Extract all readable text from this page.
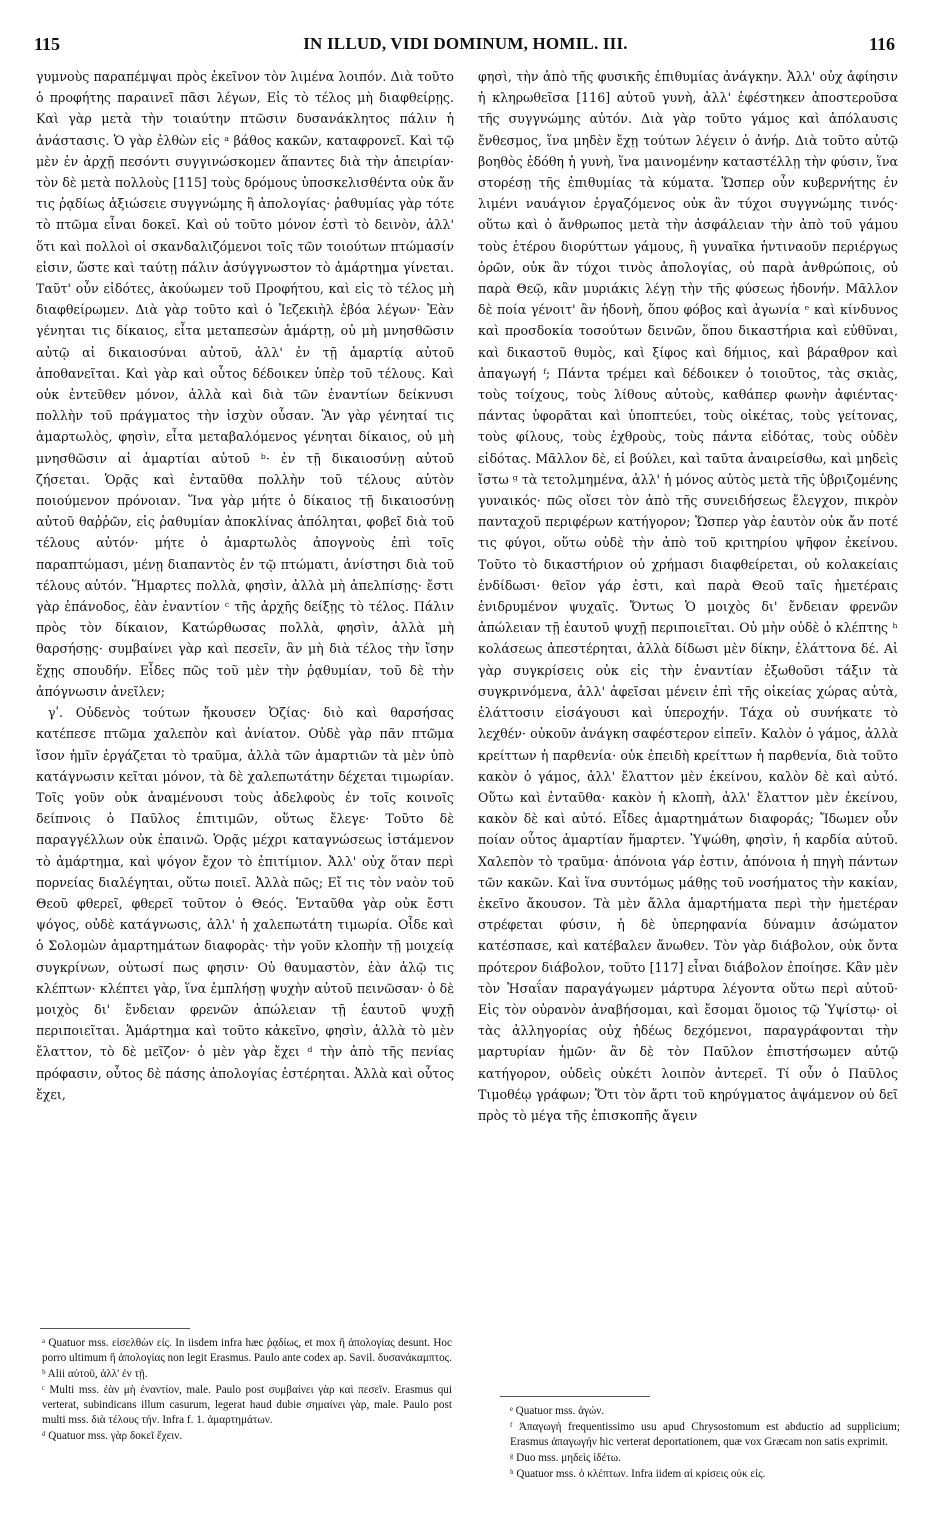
115	IN ILLUD, VIDI DOMINUM, HOMIL. III.	116

γυμνοὺς παραπέμψαι πρὸς ἐκεῖνον τὸν λιμένα λοιπόν. Διὰ τοῦτο ὁ προφήτης παραινεῖ πᾶσι λέγων, Εἰς τὸ τέλος μὴ διαφθείρῃς. Καὶ γὰρ μετὰ τὴν τοιαύτην πτῶσιν δυσανάκλητος πάλιν ἡ ἀνάστασις. Ὁ γὰρ ἐλθὼν εἰς ᵃ βάθος κακῶν, καταφρονεῖ. Καὶ τῷ μὲν ἐν ἀρχῇ πεσόντι συγγινώσκομεν ἅπαντες διὰ τὴν ἀπειρίαν· τὸν δὲ μετὰ πολλοὺς [115] τοὺς δρόμους ὑποσκελισθέντα οὐκ ἄν τις ῥᾳδίως ἀξιώσειε συγγνώμης ἢ ἀπολογίας· ῥαθυμίας γὰρ τότε τὸ πτῶμα εἶναι δοκεῖ. Καὶ οὐ τοῦτο μόνον ἐστὶ τὸ δεινὸν, ἀλλ' ὅτι καὶ πολλοὶ οἱ σκανδαλιζόμενοι τοῖς τῶν τοιούτων πτώμασίν εἰσιν, ὥστε καὶ ταύτῃ πάλιν ἀσύγγνωστον τὸ ἁμάρτημα γίνεται. Ταῦτ' οὖν εἰδότες, ἀκούωμεν τοῦ Προφήτου, καὶ εἰς τὸ τέλος μὴ διαφθείρωμεν. Διὰ γὰρ τοῦτο καὶ ὁ Ἰεζεκιὴλ ἐβόα λέγων· Ἐὰν γένηται τις δίκαιος, εἶτα μεταπεσὼν ἁμάρτῃ, οὐ μὴ μνησθῶσιν αὐτῷ αἱ δικαιοσύναι αὐτοῦ, ἀλλ' ἐν τῇ ἁμαρτίᾳ αὐτοῦ ἀποθανεῖται. Καὶ γὰρ καὶ οὗτος δέδοικεν ὑπὲρ τοῦ τέλους. Καὶ οὐκ ἐντεῦθεν μόνον, ἀλλὰ καὶ διὰ τῶν ἐναντίων δείκνυσι πολλὴν τοῦ πράγματος τὴν ἰσχὺν οὖσαν. Ἂν γὰρ γένηταί τις ἁμαρτωλὸς, φησὶν, εἶτα μεταβαλόμενος γένηται δίκαιος, οὐ μὴ μνησθῶσιν αἱ ἁμαρτίαι αὐτοῦ ᵇ· ἐν τῇ δικαιοσύνῃ αὐτοῦ ζήσεται. Ὁρᾷς καὶ ἐνταῦθα πολλὴν τοῦ τέλους αὐτὸν ποιούμενον πρόνοιαν. Ἵνα γὰρ μήτε ὁ δίκαιος τῇ δικαιοσύνῃ αὐτοῦ θαῤῥῶν, εἰς ῥαθυμίαν ἀποκλίνας ἀπόληται, φοβεῖ διὰ τοῦ τέλους αὐτόν· μήτε ὁ ἁμαρτωλὸς ἀπογνοὺς ἐπὶ τοῖς παραπτώμασι, μένῃ διαπαντὸς ἐν τῷ πτώματι, ἀνίστησι διὰ τοῦ τέλους αὐτόν. Ἥμαρτες πολλὰ, φησὶν, ἀλλὰ μὴ ἀπελπίσῃς· ἔστι γὰρ ἐπάνοδος, ἐὰν ἐναντίον ᶜ τῆς ἀρχῆς δείξῃς τὸ τέλος. Πάλιν πρὸς τὸν δίκαιον, Κατώρθωσας πολλὰ, φησὶν, ἀλλὰ μὴ θαρσήσῃς· συμβαίνει γὰρ καὶ πεσεῖν, ἂν μὴ διὰ τέλος τὴν ἴσην ἔχῃς σπουδήν. Εἶδες πῶς τοῦ μὲν τὴν ῥᾳθυμίαν, τοῦ δὲ τὴν ἀπόγνωσιν ἀνεῖλεν;

γʹ. Οὐδενὸς τούτων ἤκουσεν Ὀζίας· διὸ καὶ θαρσήσας κατέπεσε πτῶμα χαλεπὸν καὶ ἀνίατον. Οὐδὲ γὰρ πᾶν πτῶμα ἴσον ἡμῖν ἐργάζεται τὸ τραῦμα, ἀλλὰ τῶν ἁμαρτιῶν τὰ μὲν ὑπὸ κατάγνωσιν κεῖται μόνον, τὰ δὲ χαλεπωτάτην δέχεται τιμωρίαν. Τοῖς γοῦν οὐκ ἀναμένουσι τοὺς ἀδελφοὺς ἐν τοῖς κοινοῖς δείπνοις ὁ Παῦλος ἐπιτιμῶν, οὕτως ἔλεγε· Τοῦτο δὲ παραγγέλλων οὐκ ἐπαινῶ. Ὁρᾷς μέχρι καταγνώσεως ἱστάμενον τὸ ἁμάρτημα, καὶ ψόγον ἔχον τὸ ἐπιτίμιον. Ἀλλ' οὐχ ὅταν περὶ πορνείας διαλέγηται, οὕτω ποιεῖ. Ἀλλὰ πῶς; Εἴ τις τὸν ναὸν τοῦ Θεοῦ φθερεῖ, φθερεῖ τοῦτον ὁ Θεός. Ἐνταῦθα γὰρ οὐκ ἔστι ψόγος, οὐδὲ κατάγνωσις, ἀλλ' ἡ χαλεπωτάτη τιμωρία. Οἶδε καὶ ὁ Σολομὼν ἁμαρτημάτων διαφορὰς· τὴν γοῦν κλοπὴν τῇ μοιχείᾳ συγκρίνων, οὑτωσί πως φησιν· Οὐ θαυμαστὸν, ἐὰν ἁλῷ τις κλέπτων· κλέπτει γὰρ, ἵνα ἐμπλήσῃ ψυχὴν αὐτοῦ πεινῶσαν· ὁ δὲ μοιχὸς δι' ἔνδειαν φρενῶν ἀπώλειαν τῇ ἑαυτοῦ ψυχῇ περιποιεῖται. Ἁμάρτημα καὶ τοῦτο κἀκεῖνο, φησὶν, ἀλλὰ τὸ μὲν ἔλαττον, τὸ δὲ μεῖζον· ὁ μὲν γὰρ ἔχει ᵈ τὴν ἀπὸ τῆς πενίας πρόφασιν, οὗτος δὲ πάσης ἀπολογίας ἐστέρηται. Ἀλλὰ καὶ οὗτος ἔχει,

φησὶ, τὴν ἀπὸ τῆς φυσικῆς ἐπιθυμίας ἀνάγκην. Ἀλλ' οὐχ ἀφίησιν ἡ κληρωθεῖσα [116] αὐτοῦ γυνὴ, ἀλλ' ἐφέστηκεν ἀποστεροῦσα τῆς συγγνώμης αὐτόν. Διὰ γὰρ τοῦτο γάμος καὶ ἀπόλαυσις ἔνθεσμος, ἵνα μηδὲν ἔχῃ τούτων λέγειν ὁ ἀνήρ. Διὰ τοῦτο αὐτῷ βοηθὸς ἐδόθη ἡ γυνὴ, ἵνα μαινομένην καταστέλλῃ τὴν φύσιν, ἵνα στορέσῃ τῆς ἐπιθυμίας τὰ κύματα. Ὥσπερ οὖν κυβερνήτης ἐν λιμένι ναυάγιον ἐργαζόμενος οὐκ ἂν τύχοι συγγνώμης τινός· οὕτω καὶ ὁ ἄνθρωπος μετὰ τὴν ἀσφάλειαν τὴν ἀπὸ τοῦ γάμου τοὺς ἑτέρου διορύττων γάμους, ἢ γυναῖκα ἡντιναοῦν περιέργως ὁρῶν, οὐκ ἂν τύχοι τινὸς ἀπολογίας, οὐ παρὰ ἀνθρώποις, οὐ παρὰ Θεῷ, κἂν μυριάκις λέγῃ τὴν τῆς φύσεως ἠδονήν. Μᾶλλον δὲ ποία γένοιτ' ἂν ἡδονὴ, ὅπου φόβος καὶ ἀγωνία ᵉ καὶ κίνδυνος καὶ προσδοκία τοσούτων δεινῶν, ὅπου δικαστήρια καὶ εὐθῦναι, καὶ δικαστοῦ θυμὸς, καὶ ξίφος καὶ δήμιος, καὶ βάραθρον καὶ ἀπαγωγή ᶠ; Πάντα τρέμει καὶ δέδοικεν ὁ τοιοῦτος, τὰς σκιὰς, τοὺς τοίχους, τοὺς λίθους αὐτοὺς, καθάπερ φωνὴν ἀφιέντας· πάντας ὑφορᾶται καὶ ὑποπτεύει, τοὺς οἰκέτας, τοὺς γείτονας, τοὺς φίλους, τοὺς ἐχθροὺς, τοὺς πάντα εἰδότας, τοὺς οὐδὲν εἰδότας. Μᾶλλον δὲ, εἰ βούλει, καὶ ταῦτα ἀναιρείσθω, καὶ μηδεὶς ἴστω ᵍ τὰ τετολμημένα, ἀλλ' ἡ μόνος αὐτὸς μετὰ τῆς ὑβριζομένης γυναικός· πῶς οἴσει τὸν ἀπὸ τῆς συνειδήσεως ἔλεγχον, πικρὸν πανταχοῦ περιφέρων κατήγορον; Ὥσπερ γὰρ ἑαυτὸν οὐκ ἄν ποτέ τις φύγοι, οὕτω οὐδὲ τὴν ἀπὸ τοῦ κριτηρίου ψῆφον ἐκείνου. Τοῦτο τὸ δικαστήριον οὐ χρήμασι διαφθείρεται, οὐ κολακείαις ἐνδίδωσι· θεῖον γάρ ἐστι, καὶ παρὰ Θεοῦ ταῖς ἡμετέραις ἐνιδρυμένον ψυχαῖς. Ὄντως Ὁ μοιχὸς δι' ἔνδειαν φρενῶν ἀπώλειαν τῇ ἑαυτοῦ ψυχῇ περιποιεῖται. Οὐ μὴν οὐδὲ ὁ κλέπτης ʰ κολάσεως ἀπεστέρηται, ἀλλὰ δίδωσι μὲν δίκην, ἐλάττονα δέ. Αἱ γὰρ συγκρίσεις οὐκ εἰς τὴν ἐναντίαν ἐξωθοῦσι τάξιν τὰ συγκρινόμενα, ἀλλ' ἀφεῖσαι μένειν ἐπὶ τῆς οἰκείας χώρας αὐτὰ, ἐλάττοσιν εἰσάγουσι καὶ ὑπεροχήν. Τάχα οὐ συνήκατε τὸ λεχθέν· οὐκοῦν ἀνάγκη σαφέστερον εἰπεῖν. Καλὸν ὁ γάμος, ἀλλὰ κρείττων ἡ παρθενία· οὐκ ἐπειδὴ κρείττων ἡ παρθενία, διὰ τοῦτο κακὸν ὁ γάμος, ἀλλ' ἔλαττον μὲν ἐκείνου, καλὸν δὲ καὶ αὐτό. Οὕτω καὶ ἐνταῦθα· κακὸν ἡ κλοπὴ, ἀλλ' ἔλαττον μὲν ἐκείνου, κακὸν δὲ καὶ αὐτό. Εἶδες ἁμαρτημάτων διαφοράς; Ἴδωμεν οὖν ποίαν οὗτος ἁμαρτίαν ἥμαρτεν. Ὑψώθη, φησὶν, ἡ καρδία αὐτοῦ. Χαλεπὸν τὸ τραῦμα· ἀπόνοια γάρ ἐστιν, ἀπόνοια ἡ πηγὴ πάντων τῶν κακῶν. Καὶ ἵνα συντόμως μάθῃς τοῦ νοσήματος τὴν κακίαν, ἐκεῖνο ἄκουσον. Τὰ μὲν ἄλλα ἁμαρτήματα περὶ τὴν ἡμετέραν στρέφεται φύσιν, ἡ δὲ ὑπερηφανία δύναμιν ἀσώματον κατέσπασε, καὶ κατέβαλεν ἄνωθεν. Τὸν γὰρ διάβολον, οὐκ ὄντα πρότερον διάβολον, τοῦτο [117] εἶναι διάβολον ἐποίησε. Κἂν μὲν τὸν Ἡσαΐαν παραγάγωμεν μάρτυρα λέγοντα οὕτω περὶ αὐτοῦ· Εἰς τὸν οὐρανὸν ἀναβήσομαι, καὶ ἔσομαι ὅμοιος τῷ Ὑψίστῳ· οἱ τὰς ἀλληγορίας οὐχ ἡδέως δεχόμενοι, παραγράφονται τὴν μαρτυρίαν ἡμῶν· ἂν δὲ τὸν Παῦλον ἐπιστήσωμεν αὐτῷ κατήγορον, οὐδεὶς οὐκέτι λοιπὸν ἀντερεῖ. Τί οὖν ὁ Παῦλος Τιμοθέῳ γράφων; Ὅτι τὸν ἄρτι τοῦ κηρύγματος ἁψάμενον οὐ δεῖ πρὸς τὸ μέγα τῆς ἐπισκοπῆς ἄγειν

ᵃ Quatuor mss. εἰσελθὼν εἰς. In iisdem infra hæc ῥᾳδίως, et mox ἢ ἀπολογίας desunt. Hoc porro ultimum ἢ ἀπολογίας non legit Erasmus. Paulo ante codex ap. Savil. δυσανάκαμπτος.

ᵇ Alii αὐτοῦ, ἀλλ' ἐν τῇ.

ᶜ Multi mss. ἐὰν μὴ ἐναντίον, male. Paulo post συμβαίνει γὰρ καὶ πεσεῖν. Erasmus qui verterat, subindicans illum casurum, legerat haud dubie σημαίνει γὰρ, male. Paulo post multi mss. διὰ τέλους τήν. Infra f. 1. ἁμαρτημάτων.

ᵈ Quatuor mss. γὰρ δοκεῖ ἔχειν.

ᵉ Quatuor mss. ἀγών.

ᶠ Ἀπαγωγή frequentissimo usu apud Chrysostomum est abductio ad supplicium; Erasmus ἀπαγωγήν hic verterat deportationem, quæ vox Græcam non satis exprimit.

ᵍ Duo mss. μηδεὶς ἰδέτω.

ʰ Quatuor mss. ὁ κλέπτων. Infra iidem αἱ κρίσεις οὐκ εἰς.
